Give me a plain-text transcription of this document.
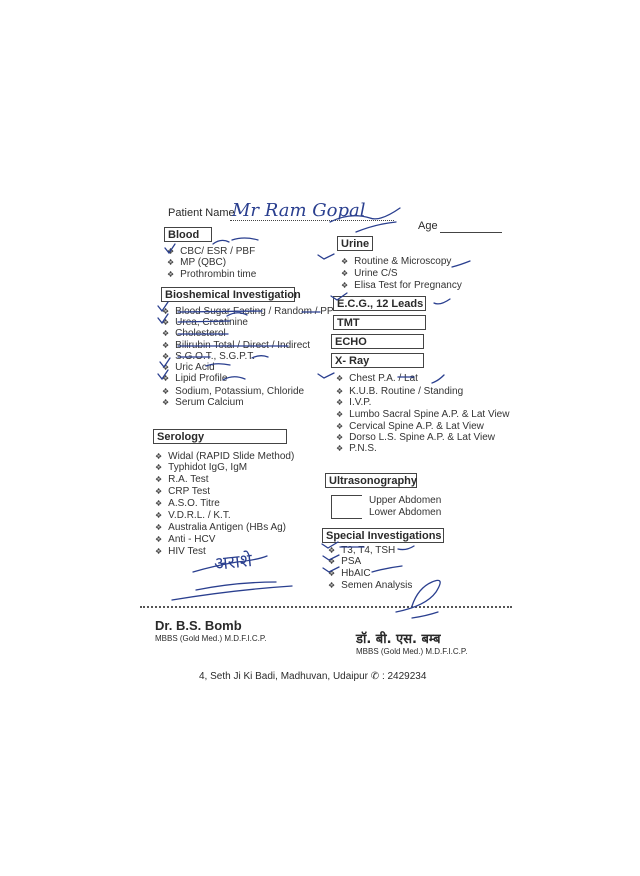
Patient Name
Mr Ram Gopal
Age
Blood
❖ CBC/ ESR / PBF
❖ MP (QBC)
❖ Prothrombin time
Bioshemical Investigation
❖ Blood Sugar Fasting / Random / PP
❖ Urea, Creatinine
❖ Cholesterol
❖ Bilirubin Total / Direct / Indirect
❖ S.G.O.T., S.G.P.T.
❖ Uric Acid
❖ Lipid Profile
❖ Sodium, Potassium, Chloride
❖ Serum Calcium
Serology
❖ Widal (RAPID Slide Method)
❖ Typhidot IgG, IgM
❖ R.A. Test
❖ CRP Test
❖ A.S.O. Titre
❖ V.D.R.L. / K.T.
❖ Australia Antigen (HBs Ag)
❖ Anti - HCV
❖ HIV Test
Urine
❖ Routine & Microscopy
❖ Urine C/S
❖ Elisa Test for Pregnancy
E.C.G., 12 Leads
TMT
ECHO
X- Ray
❖ Chest P.A. / Lat
❖ K.U.B. Routine / Standing
❖ I.V.P.
❖ Lumbo Sacral Spine A.P. & Lat View
❖ Cervical Spine A.P. & Lat View
❖ Dorso L.S. Spine A.P. & Lat View
❖ P.N.S.
Ultrasonography
Upper Abdomen
Lower Abdomen
Special Investigations
❖ T3, T4, TSH
❖ PSA
❖ HbAIC
❖ Semen Analysis
अराशे
Dr. B.S. Bomb
MBBS (Gold Med.) M.D.F.I.C.P.	डॉ. बी. एस. बम्ब
MBBS (Gold Med.) M.D.F.I.C.P.
4, Seth Ji Ki Badi, Madhuvan, Udaipur ✆ : 2429234
